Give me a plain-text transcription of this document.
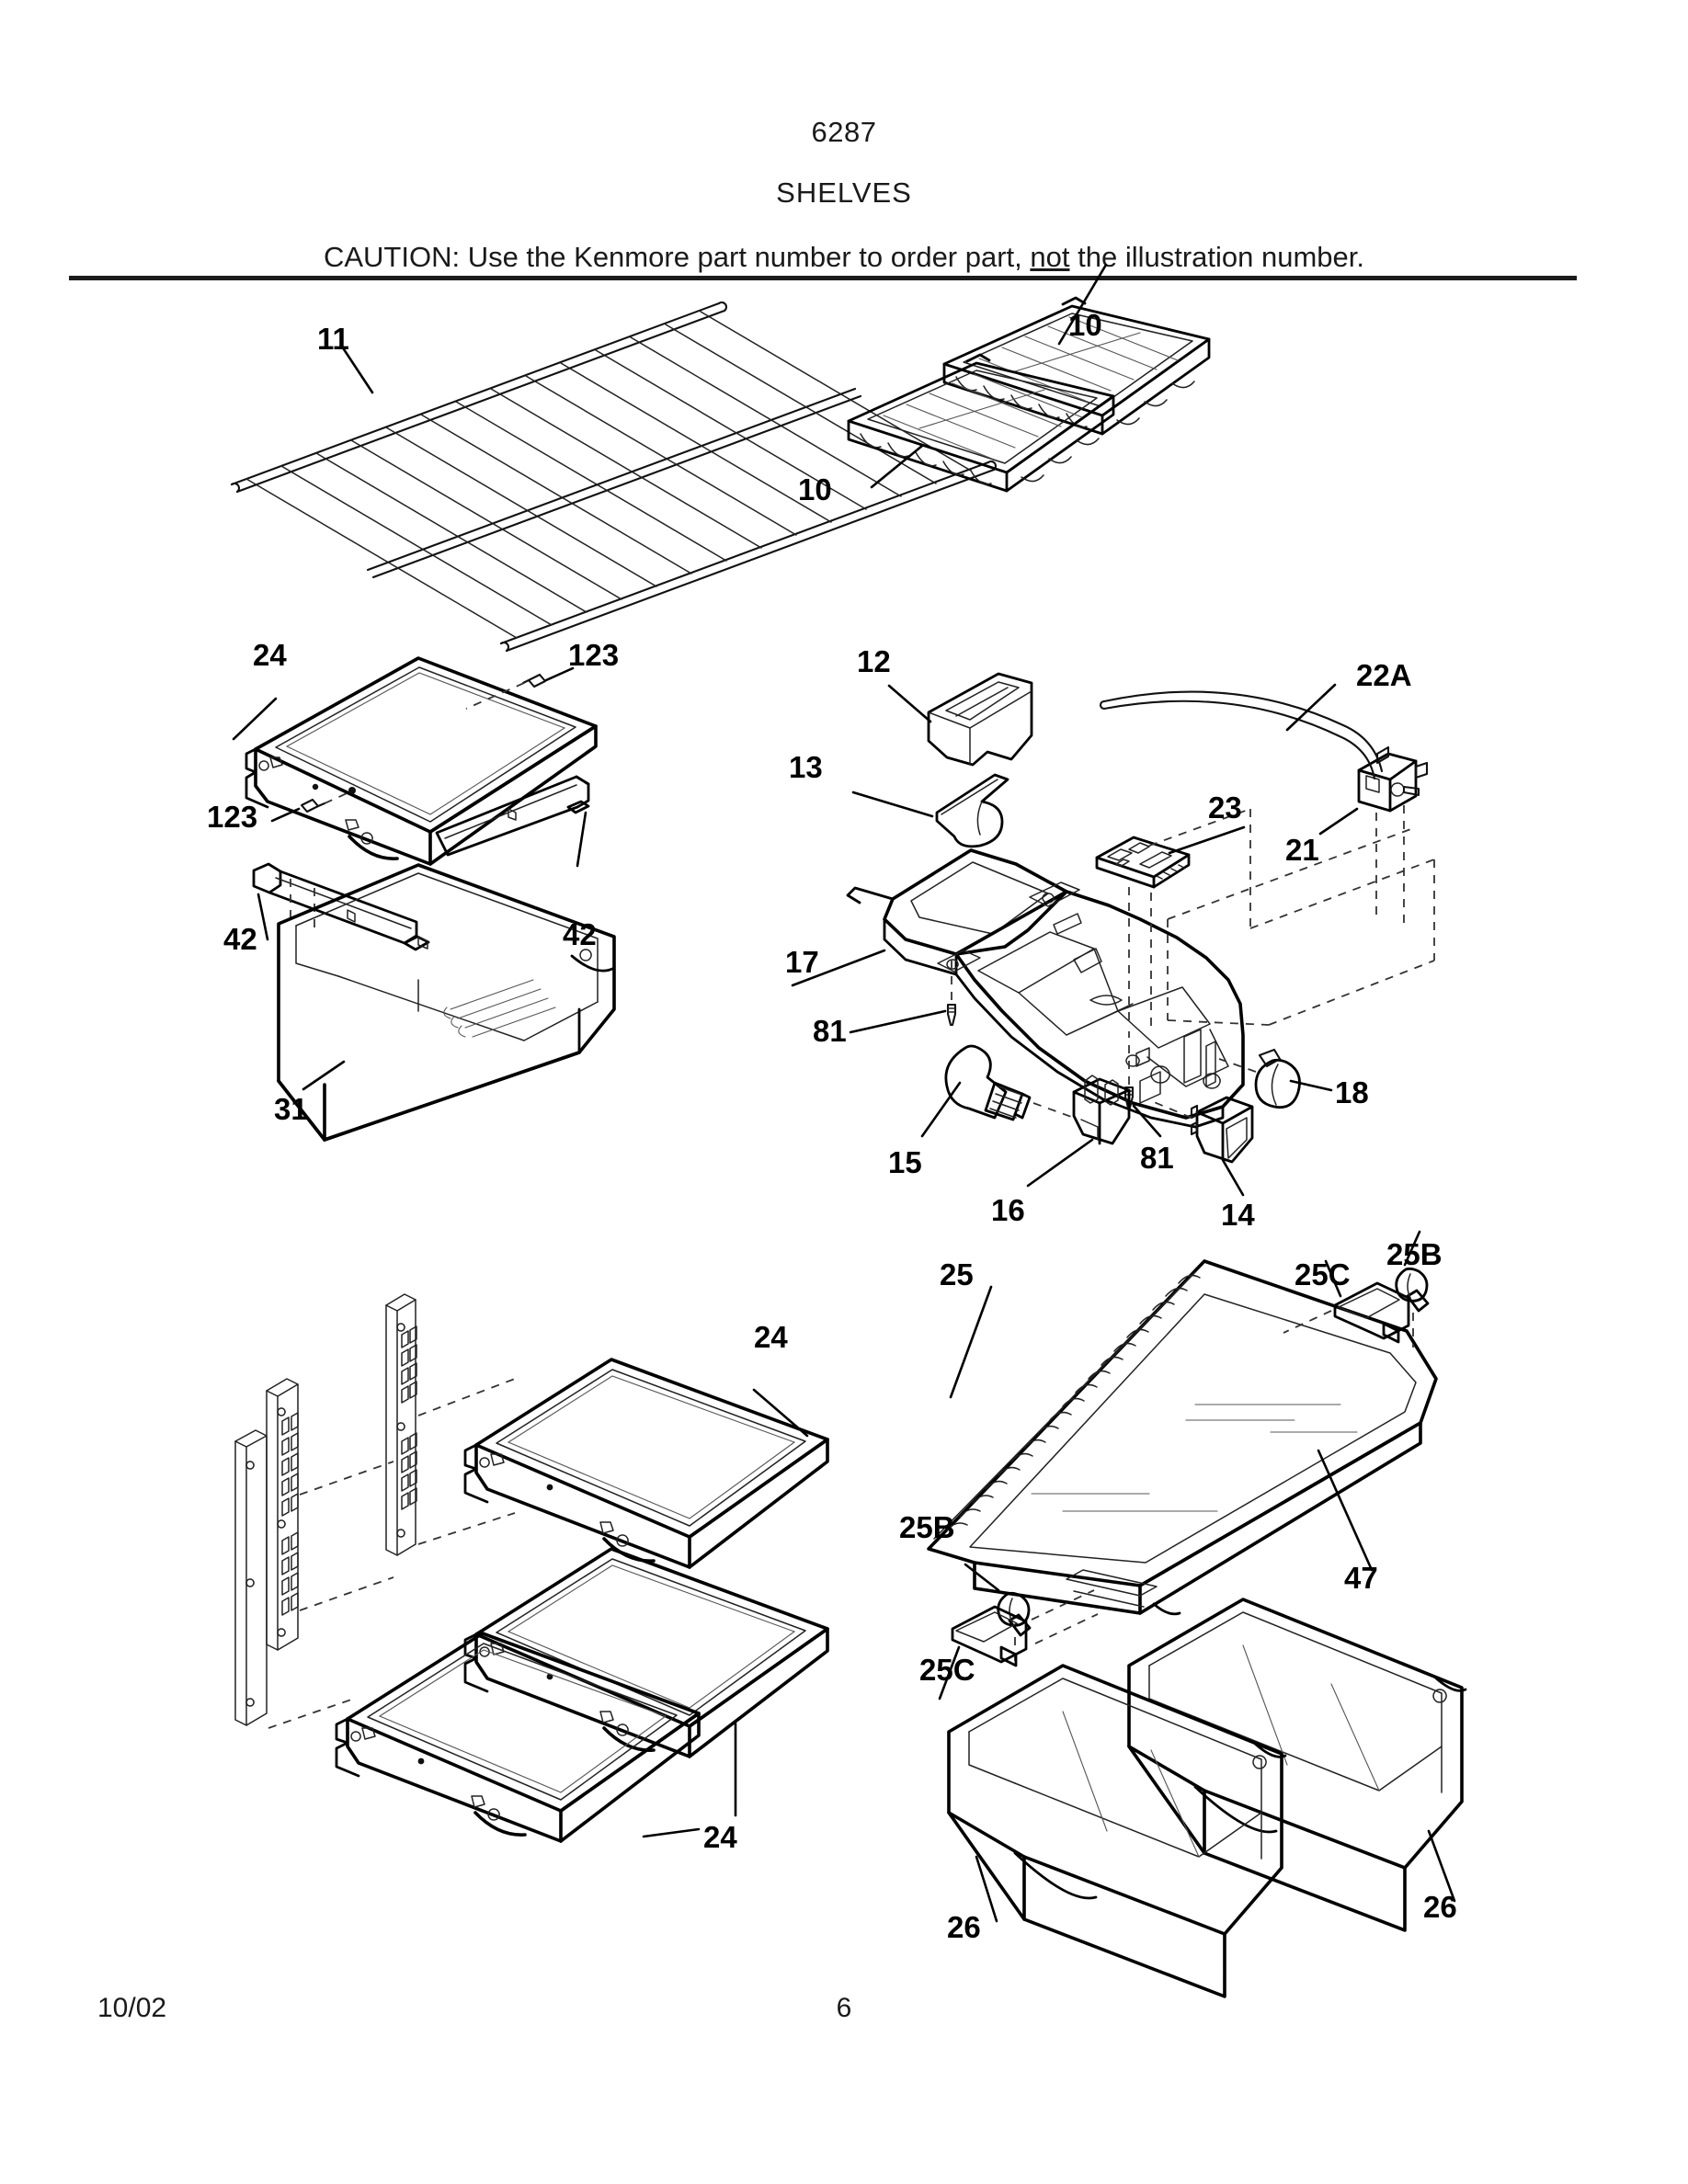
6287
SHELVES
CAUTION: Use the Kenmore part number to order part, not the illustration number.
11	10
10
24	123
123
42	42
31
12
13
23
22A
21
17
81
15
16
81
14
18
24
24
25
25B
25C
25B
25C
47
26
26
10/02	6
